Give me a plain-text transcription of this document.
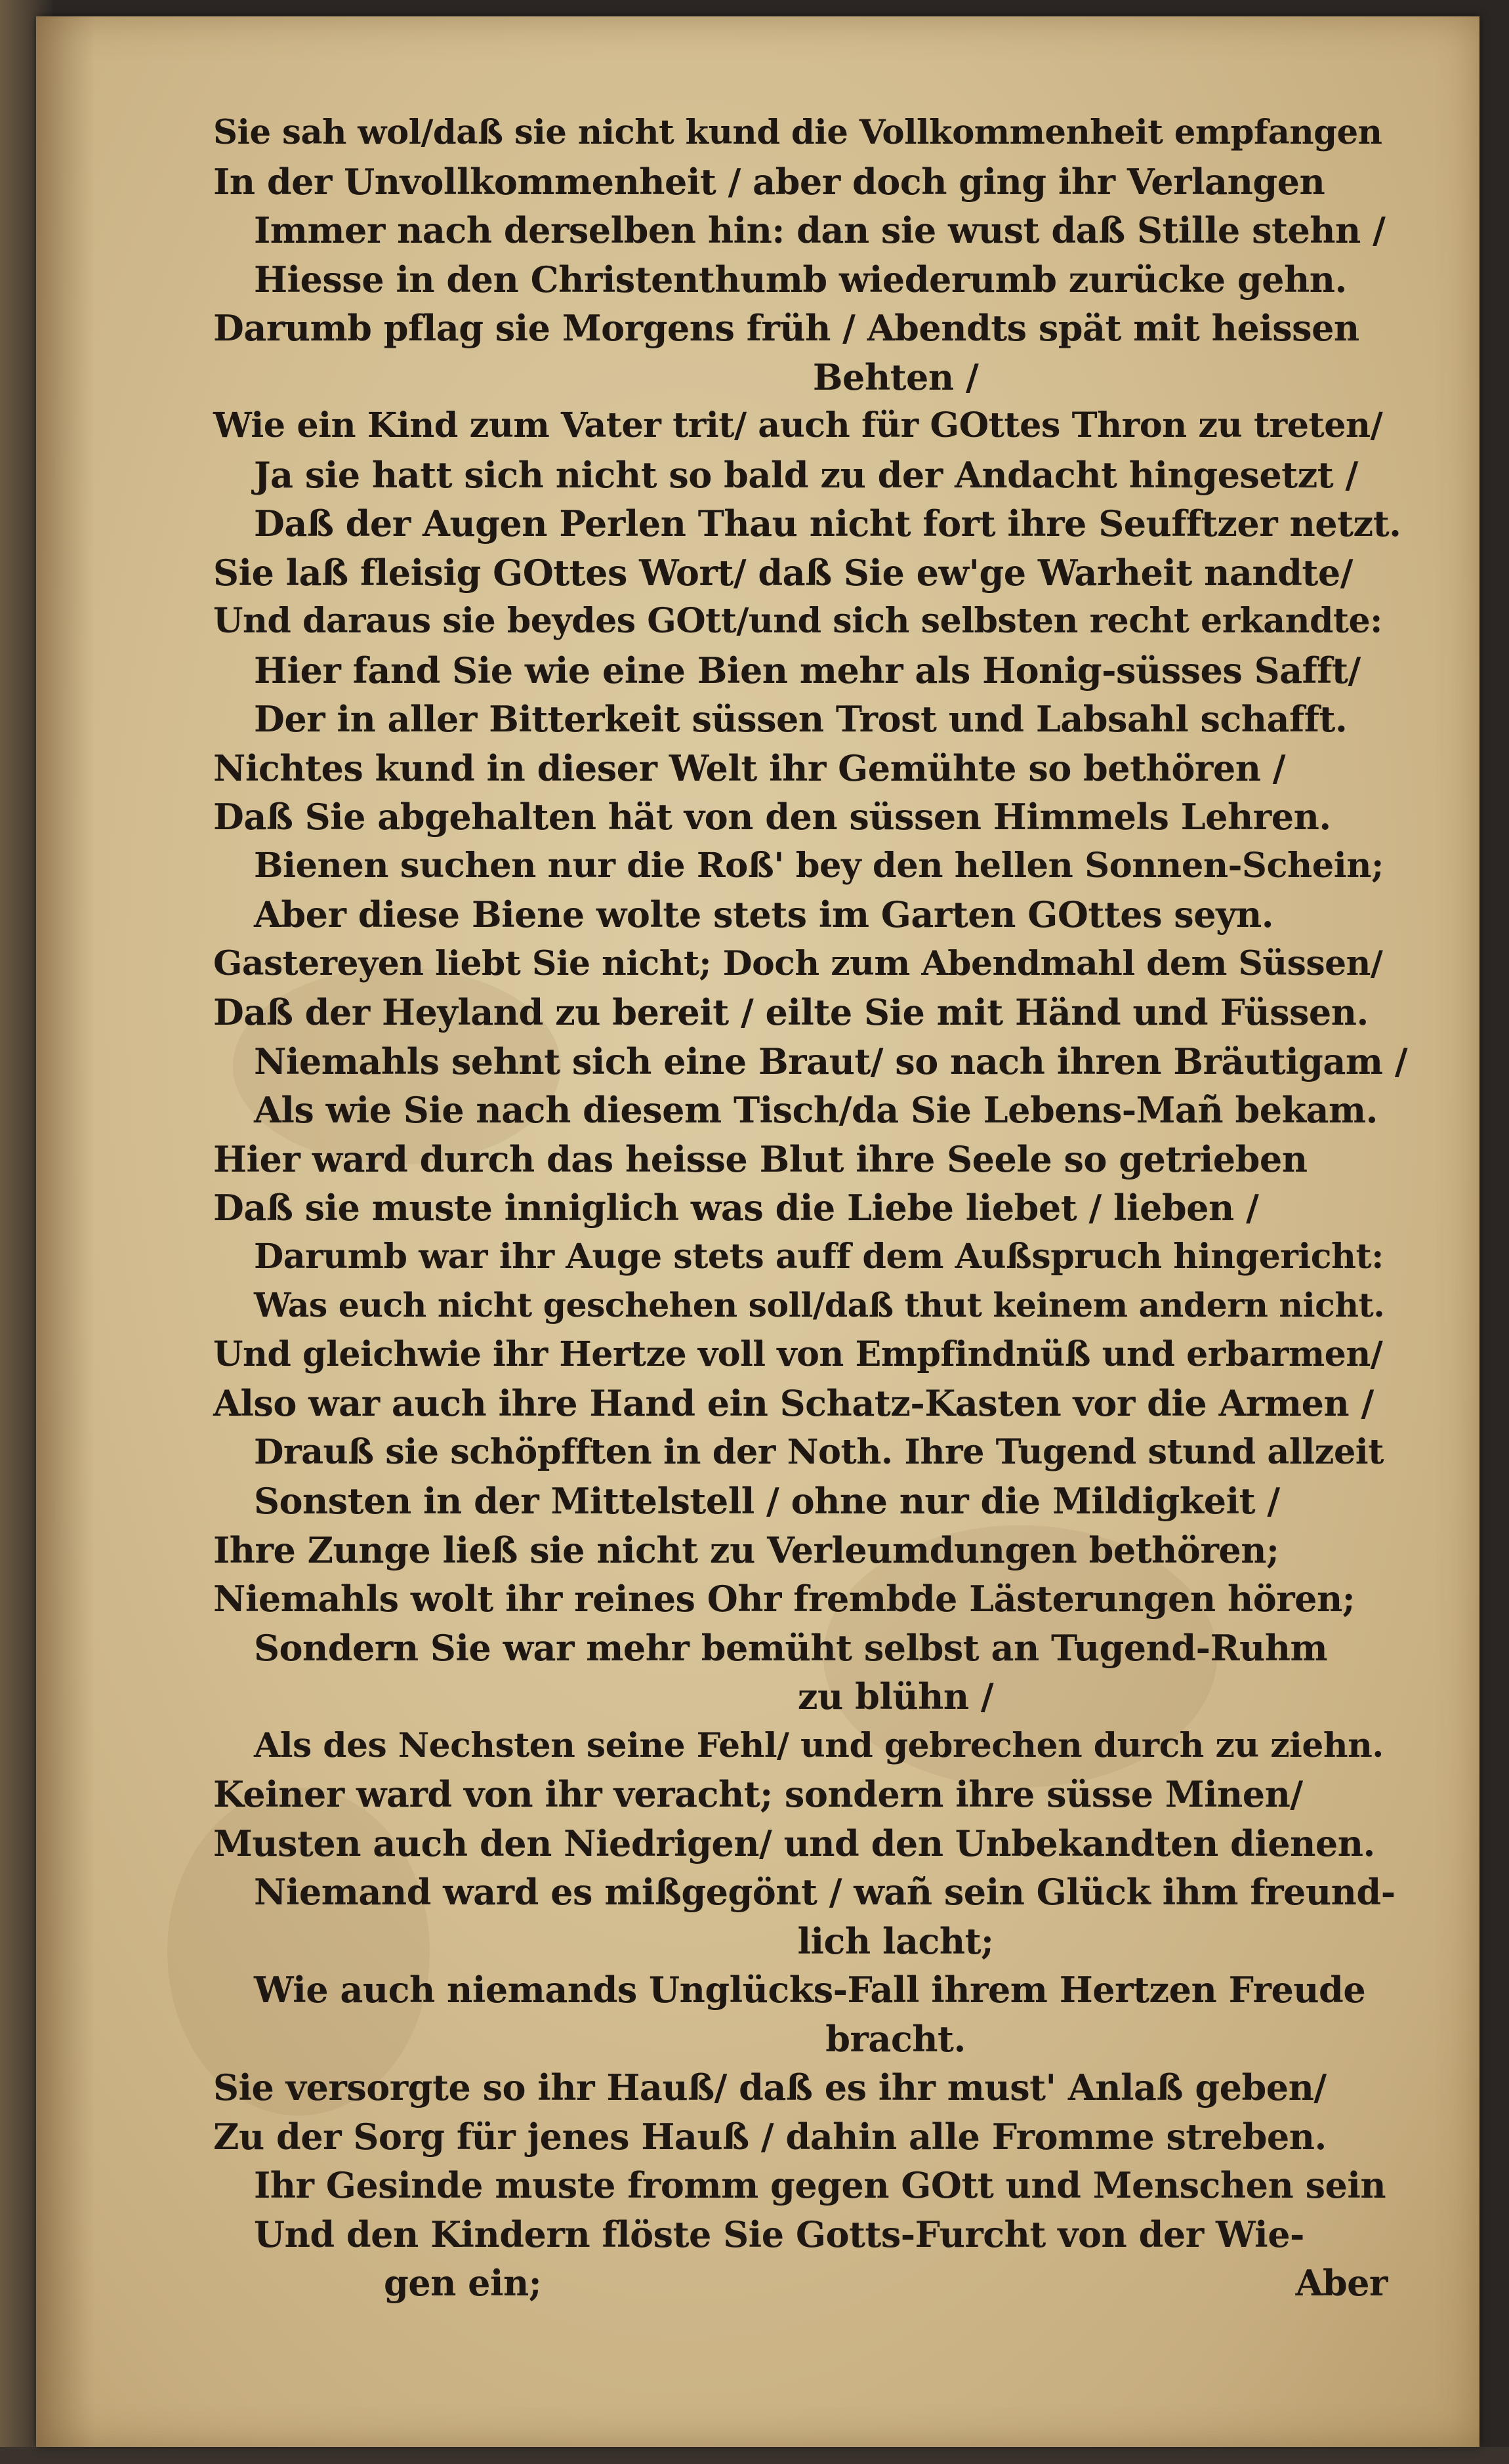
Sie sah wol/daß sie nicht kund die Vollkommenheit empfangen
In der Unvollkommenheit / aber doch ging ihr Verlangen
Immer nach derselben hin: dan sie wust daß Stille stehn /
Hiesse in den Christenthumb wiederumb zurücke gehn.
Darumb pflag sie Morgens früh / Abendts spät mit heissen
Behten /
Wie ein Kind zum Vater trit/ auch für GOttes Thron zu treten/
Ja sie hatt sich nicht so bald zu der Andacht hingesetzt /
Daß der Augen Perlen Thau nicht fort ihre Seufftzer netzt.
Sie laß fleisig GOttes Wort/ daß Sie ew'ge Warheit nandte/
Und daraus sie beydes GOtt/und sich selbsten recht erkandte:
Hier fand Sie wie eine Bien mehr als Honig-süsses Safft/
Der in aller Bitterkeit süssen Trost und Labsahl schafft.
Nichtes kund in dieser Welt ihr Gemühte so bethören /
Daß Sie abgehalten hät von den süssen Himmels Lehren.
Bienen suchen nur die Roß' bey den hellen Sonnen-Schein;
Aber diese Biene wolte stets im Garten GOttes seyn.
Gastereyen liebt Sie nicht; Doch zum Abendmahl dem Süssen/
Daß der Heyland zu bereit / eilte Sie mit Händ und Füssen.
Niemahls sehnt sich eine Braut/ so nach ihren Bräutigam /
Als wie Sie nach diesem Tisch/da Sie Lebens-Mañ bekam.
Hier ward durch das heisse Blut ihre Seele so getrieben
Daß sie muste inniglich was die Liebe liebet / lieben /
Darumb war ihr Auge stets auff dem Außspruch hingericht:
Was euch nicht geschehen soll/daß thut keinem andern nicht.
Und gleichwie ihr Hertze voll von Empfindnüß und erbarmen/
Also war auch ihre Hand ein Schatz-Kasten vor die Armen /
Drauß sie schöpfften in der Noth. Ihre Tugend stund allzeit
Sonsten in der Mittelstell / ohne nur die Mildigkeit /
Ihre Zunge ließ sie nicht zu Verleumdungen bethören;
Niemahls wolt ihr reines Ohr frembde Lästerungen hören;
Sondern Sie war mehr bemüht selbst an Tugend-Ruhm
zu blühn /
Als des Nechsten seine Fehl/ und gebrechen durch zu ziehn.
Keiner ward von ihr veracht; sondern ihre süsse Minen/
Musten auch den Niedrigen/ und den Unbekandten dienen.
Niemand ward es mißgegönt / wañ sein Glück ihm freund-
lich lacht;
Wie auch niemands Unglücks-Fall ihrem Hertzen Freude
bracht.
Sie versorgte so ihr Hauß/ daß es ihr must' Anlaß geben/
Zu der Sorg für jenes Hauß / dahin alle Fromme streben.
Ihr Gesinde muste fromm gegen GOtt und Menschen sein
Und den Kindern flöste Sie Gotts-Furcht von der Wie-
gen ein;	Aber
